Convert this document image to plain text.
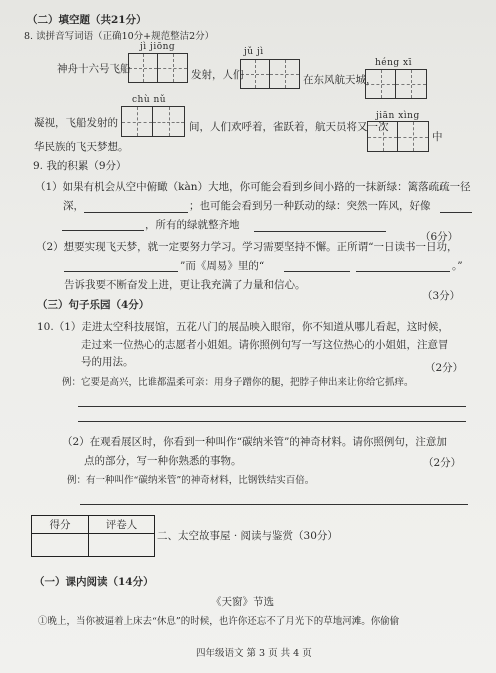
（二）填空题（共21分）
8. 读拼音写词语（正确10分+规范整洁2分）
jì jiōng	jǔ jì
héng xī
神舟十六号飞船	发射，人们	在东风航天城，
chù nǔ
jiān xìng
凝视，飞船发射的	间，人们欢呼着，雀跃着，航天员将又一次
中
华民族的飞天梦想。
9. 我的积累（9分）
（1）如果有机会从空中俯瞰（kàn）大地，你可能会看到乡间小路的一抹新绿：篱落疏疏一径
深，	；也可能会看到另一种跃动的绿：突然一阵风，好像
，所有的绿就整齐地
（6分）
（2）想要实现飞天梦，就一定要努力学习。学习需要坚持不懈。正所谓“一日读书一日功，
”而《周易》里的“	。”
告诉我要不断奋发上进，更让我充满了力量和信心。
（3分）
（三）句子乐园（4分）
10.（1）走进太空科技展馆，五花八门的展品映入眼帘，你不知道从哪儿看起，这时候，
走过来一位热心的志愿者小姐姐。请你照例句写一写这位热心的小姐姐，注意冒
号的用法。	（2分）
例：它要是高兴，比谁都温柔可亲：用身子蹭你的腿，把脖子伸出来让你给它抓痒。
（2）在观看展区时，你看到一种叫作“碳纳米管”的神奇材料。请你照例句，注意加
点的部分，写一种你熟悉的事物。	（2分）
例：有一种叫作“碳纳米管”的神奇材料，比钢铁结实百倍。
得分	评卷人

二、太空故事屋 · 阅读与鉴赏（30分）
（一）课内阅读（14分）
《天窗》节选
①晚上，当你被逼着上床去“休息”的时候，也许你还忘不了月光下的草地河滩。你偷偷
四年级语文 第 3 页 共 4 页
